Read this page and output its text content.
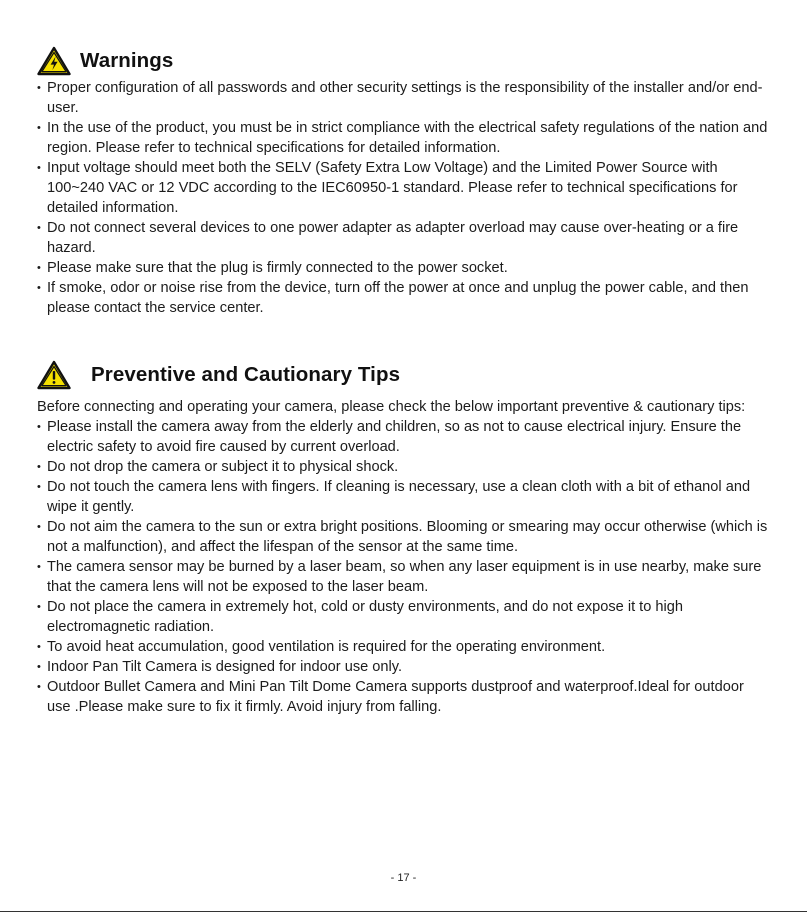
Warnings
• Proper configuration of all passwords and other security settings is the responsibility of the installer and/or end-user.
• In the use of the product, you must be in strict compliance with the electrical safety regulations of the nation and region. Please refer to technical specifications for detailed information.
• Input voltage should meet both the SELV (Safety Extra Low Voltage) and the Limited Power Source with 100~240 VAC or 12 VDC according to the IEC60950-1 standard. Please refer to technical specifications for detailed information.
• Do not connect several devices to one power adapter as adapter overload may cause over-heating or a fire hazard.
• Please make sure that the plug is firmly connected to the power socket.
• If smoke, odor or noise rise from the device, turn off the power at once and unplug the power cable, and then please contact the service center.
Preventive and Cautionary Tips

Before connecting and operating your camera, please check the below important preventive & cautionary tips:

• Please install the camera away from the elderly and children, so as not to cause electrical injury. Ensure the electric safety to avoid fire caused by current overload.
• Do not drop the camera or subject it to physical shock.
• Do not touch the camera lens with fingers. If cleaning is necessary, use a clean cloth with a bit of ethanol and wipe it gently.
• Do not aim the camera to the sun or extra bright positions. Blooming or smearing may occur otherwise (which is not a malfunction), and affect the lifespan of the sensor at the same time.
• The camera sensor may be burned by a laser beam, so when any laser equipment is in use nearby, make sure that the camera lens will not be exposed to the laser beam.
• Do not place the camera in extremely hot, cold or dusty environments, and do not expose it to high electromagnetic radiation.
• To avoid heat accumulation, good ventilation is required for the operating environment.
• Indoor Pan Tilt Camera is designed for indoor use only.
• Outdoor Bullet Camera and Mini Pan Tilt Dome Camera supports dustproof and waterproof.Ideal for outdoor use .Please make sure to fix it firmly. Avoid injury from falling.
- 17 -
